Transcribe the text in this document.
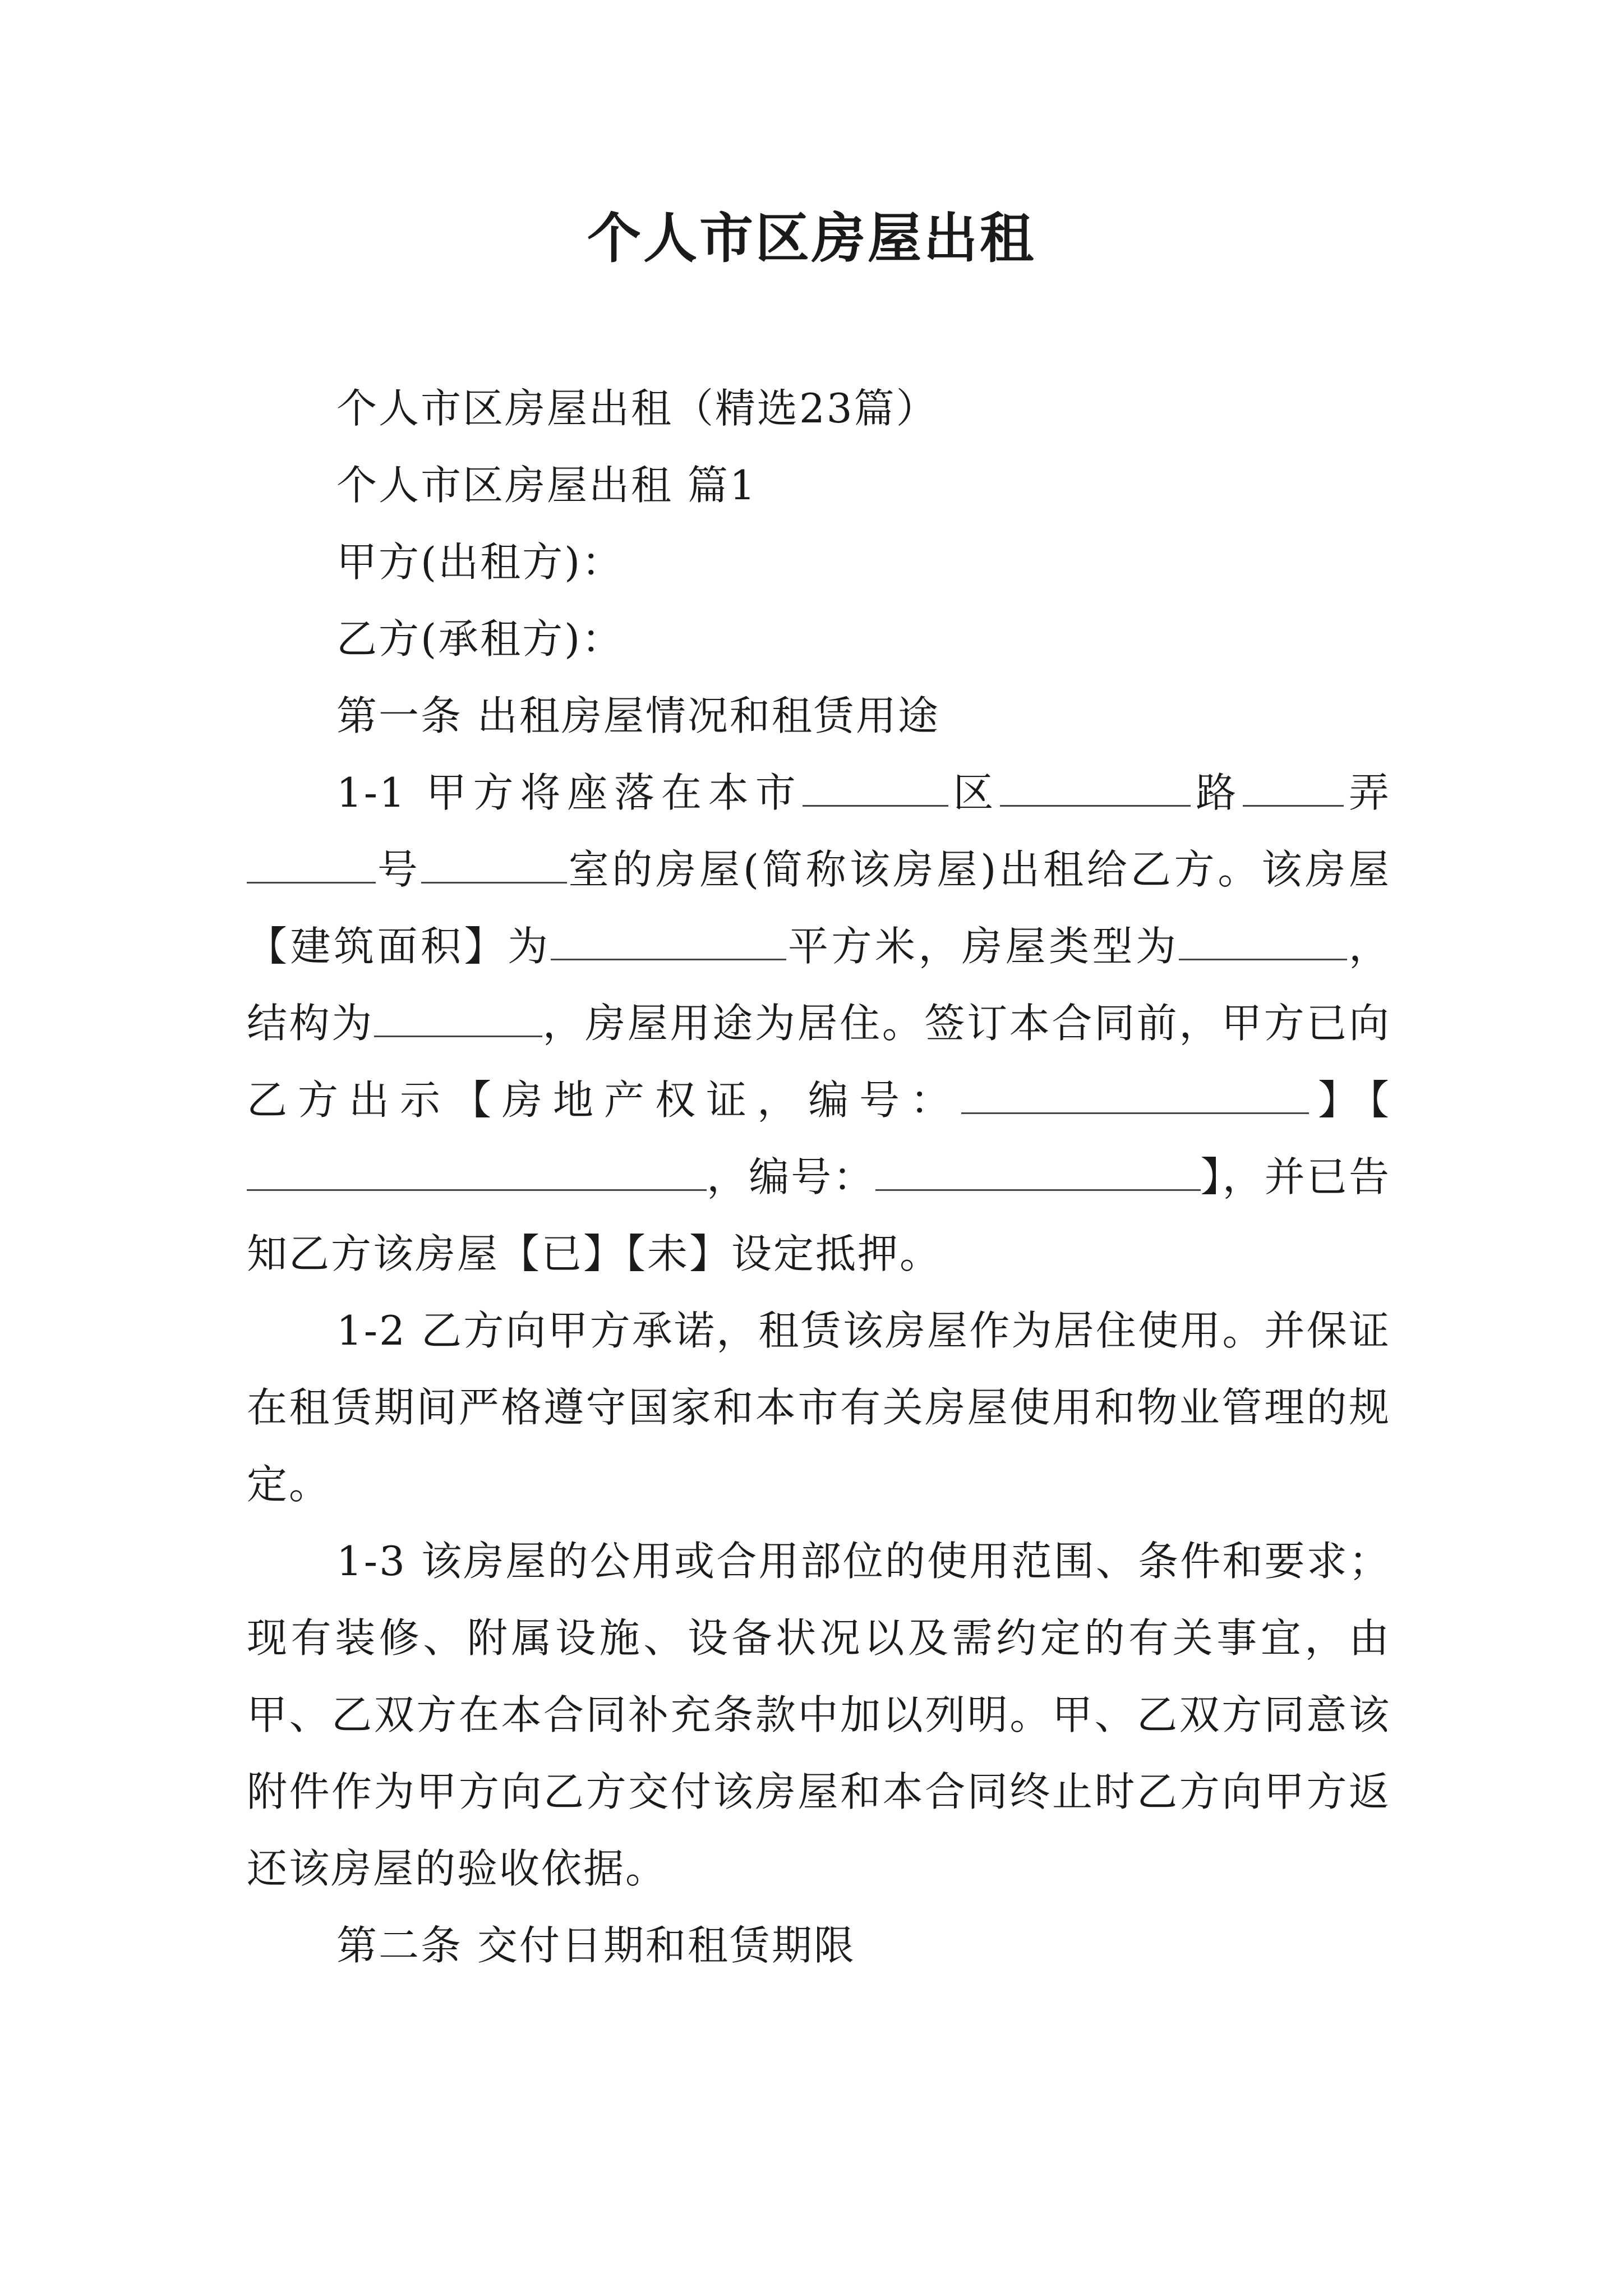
个人市区房屋出租

个人市区房屋出租（精选23篇）

个人市区房屋出租 篇1

甲方(出租方)：

乙方(承租方)：

第一条 出租房屋情况和租赁用途

1-1 甲方将座落在本市	区	路	弄号	室的房屋(简称该房屋)出租给乙方。该房屋【建筑面积】为	平方米，房屋类型为	，结构为	，房屋用途为居住。签订本合同前，甲方已向乙方出示【房地产权证，编号：	】【，编号：	】，并已告知乙方该房屋【已】【未】设定抵押。

1-2 乙方向甲方承诺，租赁该房屋作为居住使用。并保证在租赁期间严格遵守国家和本市有关房屋使用和物业管理的规定。

1-3 该房屋的公用或合用部位的使用范围、条件和要求；现有装修、附属设施、设备状况以及需约定的有关事宜，由甲、乙双方在本合同补充条款中加以列明。甲、乙双方同意该附件作为甲方向乙方交付该房屋和本合同终止时乙方向甲方返还该房屋的验收依据。

第二条 交付日期和租赁期限
